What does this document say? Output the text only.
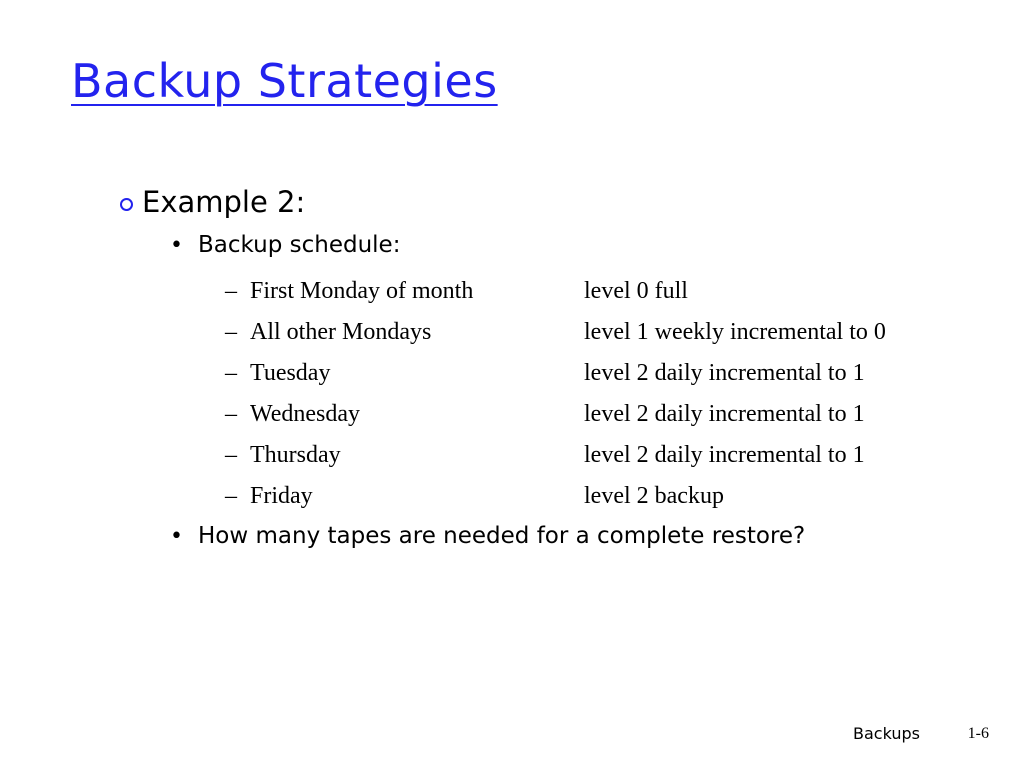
Backup Strategies
Example 2:
• Backup schedule:
– First Monday of month	level 0 full
– All other Mondays	level 1 weekly incremental to 0
– Tuesday	level 2 daily incremental to 1
– Wednesday	level 2 daily incremental to 1
– Thursday	level 2 daily incremental to 1
– Friday	level 2 backup
• How many tapes are needed for a complete restore?
Backups	1-6
